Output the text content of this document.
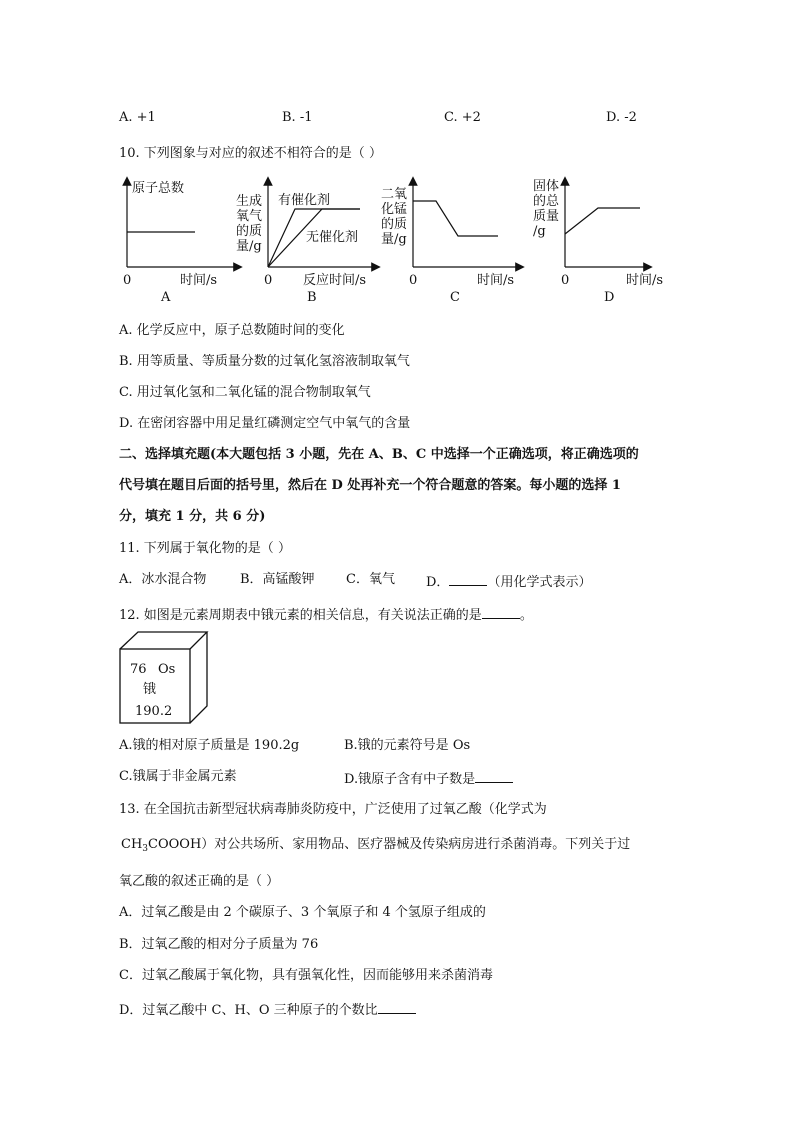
A. +1	B. -1	C. +2	D. -2
10. 下列图象与对应的叙述不相符合的是（ ）
原子总数
时间/s
0
A
生成
氧气
的质
量/g
有催化剂
无催化剂
反应时间/s
0
B
二氧
化锰
的质
量/g
时间/s
0
C
固体
的总
质量
/g
时间/s
0
D
A. 化学反应中，原子总数随时间的变化
B. 用等质量、等质量分数的过氧化氢溶液制取氧气
C. 用过氧化氢和二氧化锰的混合物制取氧气
D. 在密闭容器中用足量红磷测定空气中氧气的含量
二、选择填充题(本大题包括 3 小题，先在 A、B、C 中选择一个正确选项，将正确选项的
代号填在题目后面的括号里，然后在 D 处再补充一个符合题意的答案。每小题的选择 1
分，填充 1 分，共 6 分)
11. 下列属于氧化物的是（ ）
A．冰水混合物	B．高锰酸钾 C．氧气 D．	（用化学式表示）
12. 如图是元素周期表中锇元素的相关信息，有关说法正确的是	。
76 Os
锇
190.2
A.锇的相对原子质量是 190.2g	B.锇的元素符号是 Os
C.锇属于非金属元素	D.锇原子含有中子数是
13. 在全国抗击新型冠状病毒肺炎防疫中，广泛使用了过氧乙酸（化学式为
$CH_3COOOH$）对公共场所、家用物品、医疗器械及传染病房进行杀菌消毒。下列关于过
氧乙酸的叙述正确的是（ ）
A．过氧乙酸是由 2 个碳原子、3 个氧原子和 4 个氢原子组成的
B．过氧乙酸的相对分子质量为 76
C．过氧乙酸属于氧化物，具有强氧化性，因而能够用来杀菌消毒
D．过氧乙酸中 C、H、O 三种原子的个数比
